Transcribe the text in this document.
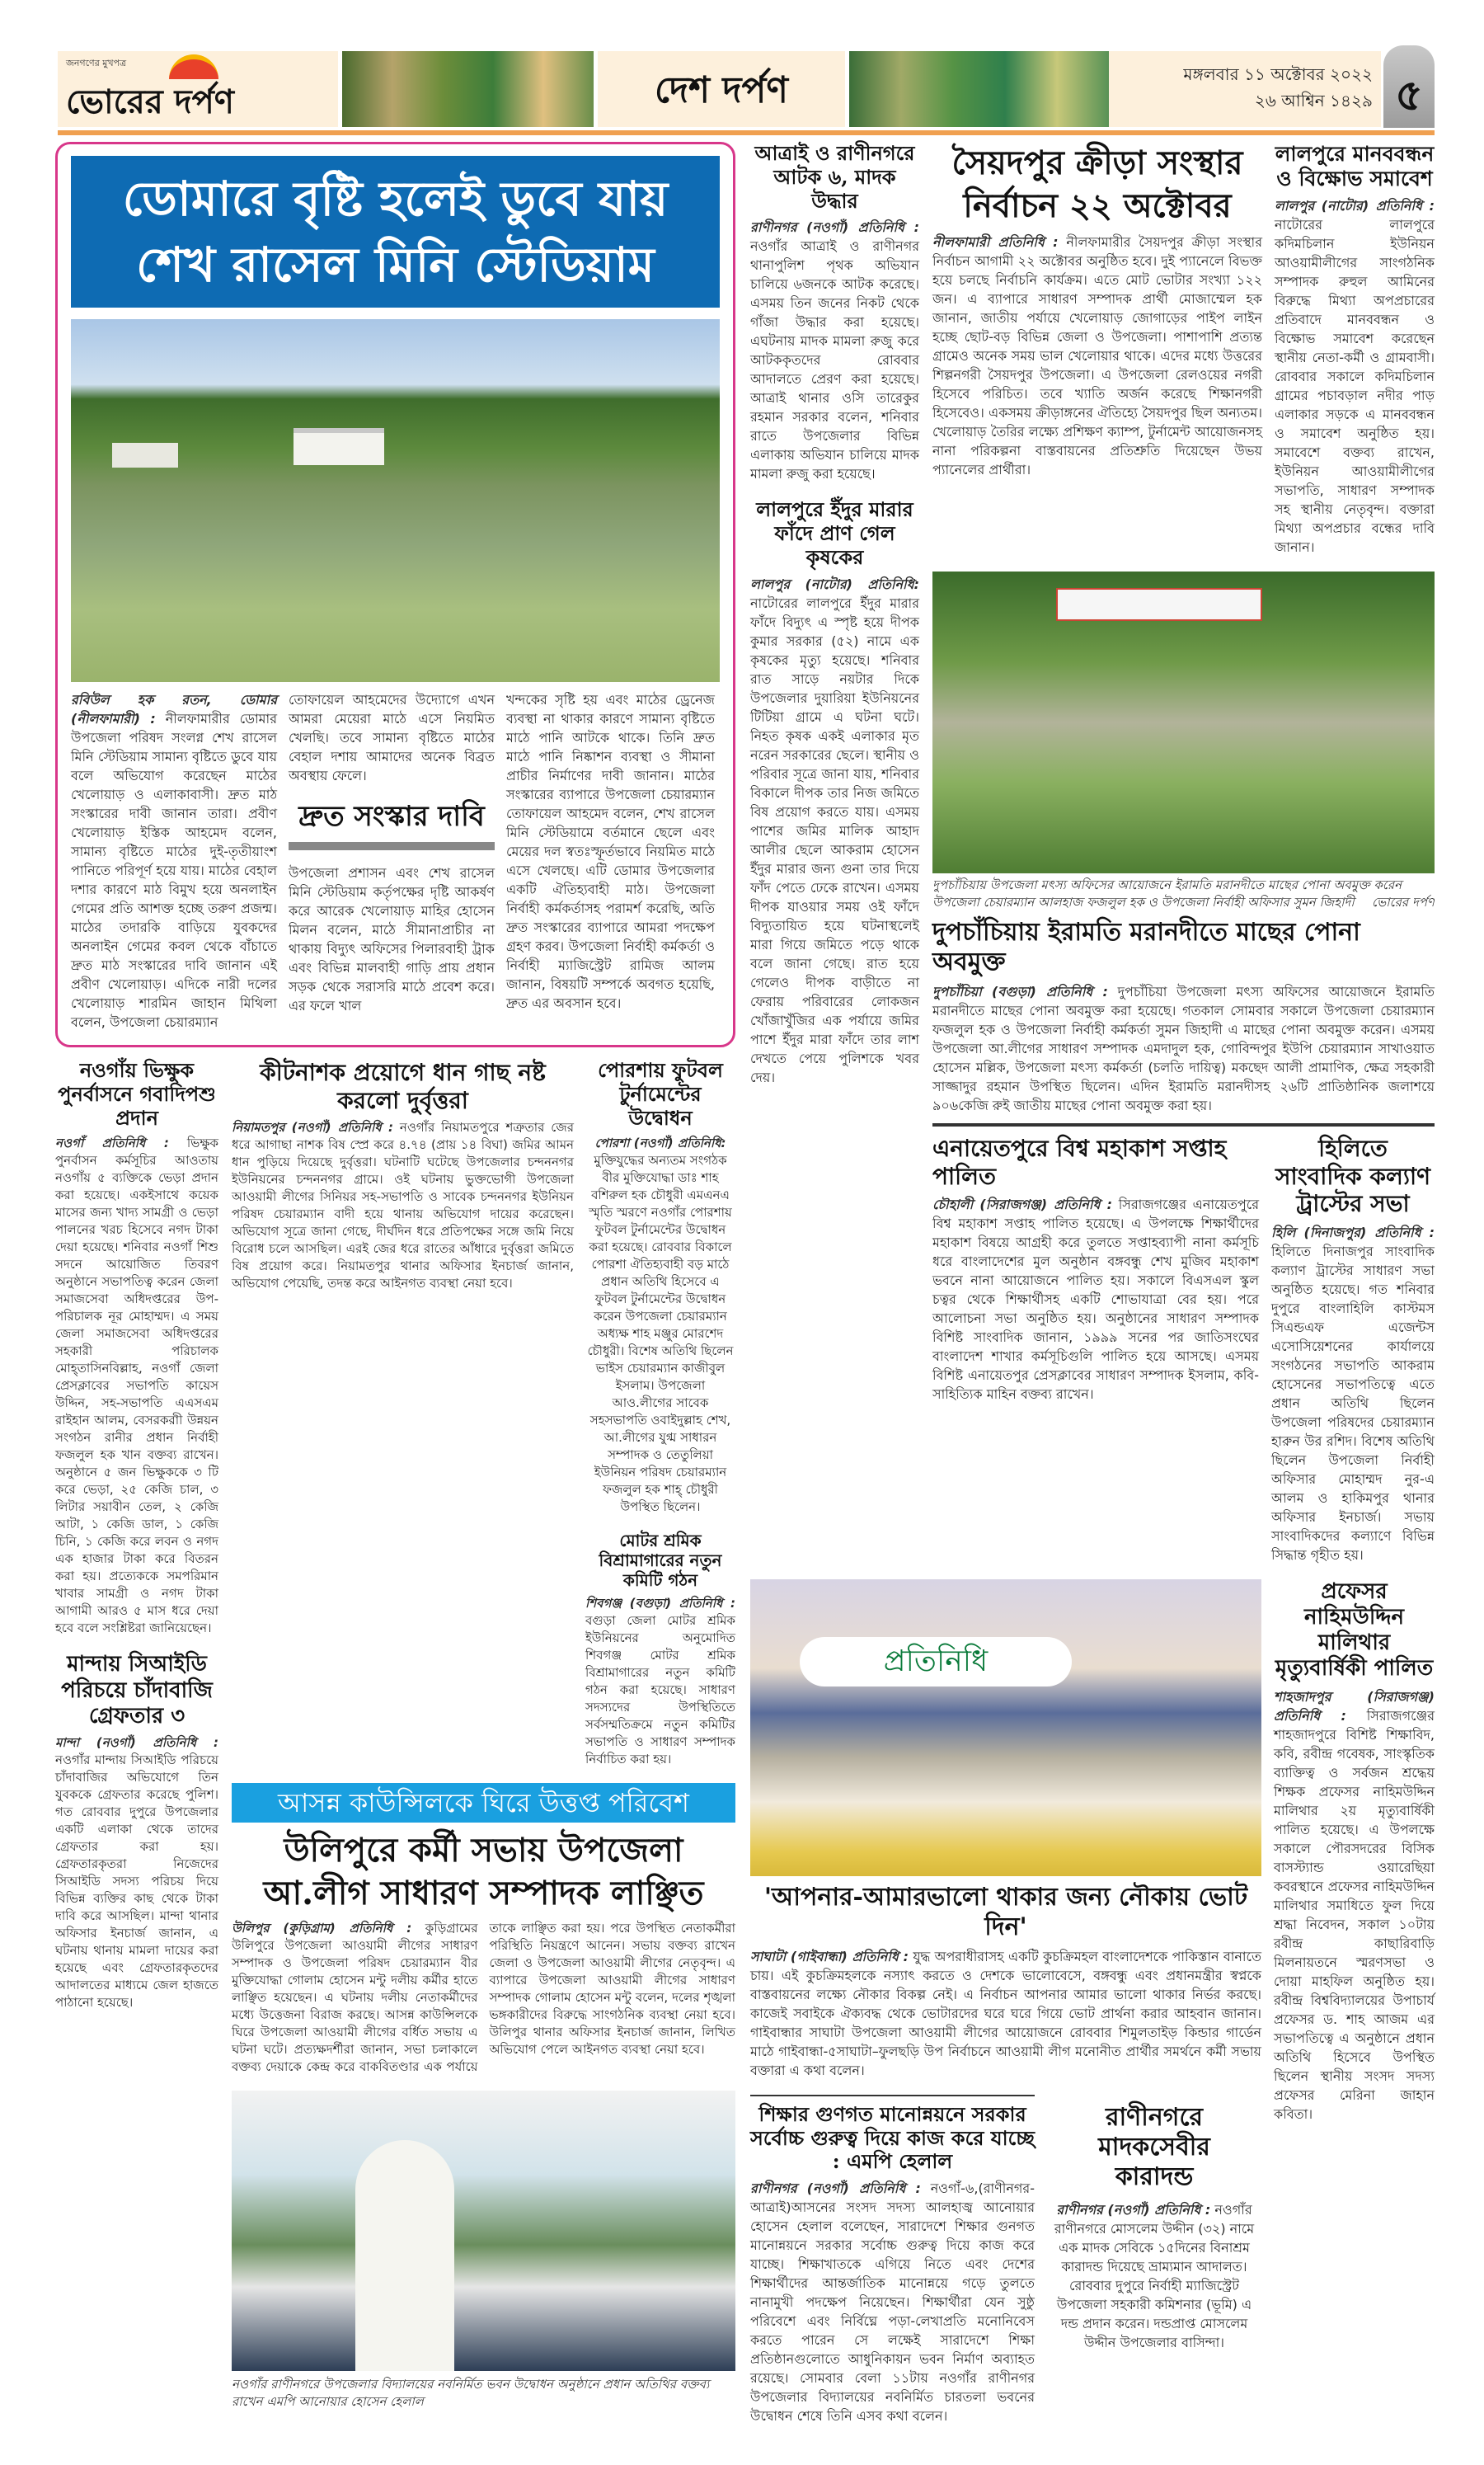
জনগণের মুখপত্র
ভোরের দর্পণ	দেশ দর্পণ	মঙ্গলবার ১১ অক্টোবর ২০২২
২৬ আশ্বিন ১৪২৯ ৫
ডোমারে বৃষ্টি হলেই ডুবে যায় শেখ রাসেল মিনি স্টেডিয়াম
রবিউল হক রতন, ডোমার (নীলফামারী) : নীলফামারীর ডোমার উপজেলা পরিষদ সংলগ্ন শেখ রাসেল মিনি স্টেডিয়াম সামান্য বৃষ্টিতে ডুবে যায় বলে অভিযোগ করেছেন মাঠের খেলোয়াড় ও এলাকাবাসী। দ্রুত মাঠ সংস্কারের দাবী জানান তারা। প্রবীণ খেলোয়াড় ইস্তিক আহমেদ বলেন, সামান্য বৃষ্টিতে মাঠের দুই-তৃতীয়াংশ পানিতে পরিপূর্ণ হয়ে যায়। মাঠের বেহাল দশার কারণে মাঠ বিমুখ হয়ে অনলাইন গেমের প্রতি আশক্ত হচ্ছে তরুণ প্রজন্ম। মাঠের তদারকি বাড়িয়ে যুবকদের অনলাইন গেমের কবল থেকে বাঁচাতে দ্রুত মাঠ সংস্কারের দাবি জানান এই প্রবীণ খেলোয়াড়। এদিকে নারী দলের খেলোয়াড় শারমিন জাহান মিথিলা বলেন, উপজেলা চেয়ারম্যান
তোফায়েল আহমেদের উদ্যোগে এখন আমরা মেয়েরা মাঠে এসে নিয়মিত খেলছি। তবে সামান্য বৃষ্টিতে মাঠের বেহাল দশায় আমাদের অনেক বিব্রত অবস্থায় ফেলে।
দ্রুত সংস্কার দাবি
উপজেলা প্রশাসন এবং শেখ রাসেল মিনি স্টেডিয়াম কর্তৃপক্ষের দৃষ্টি আকর্ষণ করে আরেক খেলোয়াড় মাহির হোসেন মিলন বলেন, মাঠে সীমানাপ্রাচীর না থাকায় বিদ্যুৎ অফিসের পিলারবাহী ট্রাক এবং বিভিন্ন মালবাহী গাড়ি প্রায় প্রধান সড়ক থেকে সরাসরি মাঠে প্রবেশ করে। এর ফলে খাল
খন্দকের সৃষ্টি হয় এবং মাঠের ড্রেনেজ ব্যবস্থা না থাকার কারণে সামান্য বৃষ্টিতে মাঠে পানি আটকে থাকে। তিনি দ্রুত মাঠে পানি নিষ্কাশন ব্যবস্থা ও সীমানা প্রাচীর নির্মাণের দাবী জানান। মাঠের সংস্কারের ব্যাপারে উপজেলা চেয়ারম্যান তোফায়েল আহমেদ বলেন, শেখ রাসেল মিনি স্টেডিয়ামে বর্তমানে ছেলে এবং মেয়ের দল স্বতঃস্ফূর্তভাবে নিয়মিত মাঠে এসে খেলছে। এটি ডোমার উপজেলার একটি ঐতিহ্যবাহী মাঠ। উপজেলা নির্বাহী কর্মকর্তাসহ পরামর্শ করেছি, অতি দ্রুত সংস্কারের ব্যাপারে আমরা পদক্ষেপ গ্রহণ করব। উপজেলা নির্বাহী কর্মকর্তা ও নির্বাহী ম্যাজিস্ট্রেট রামিজ আলম জানান, বিষয়টি সম্পর্কে অবগত হয়েছি, দ্রুত এর অবসান হবে।
নওগাঁয় ভিক্ষুক পুনর্বাসনে গবাদিপশু প্রদান
নওগাঁ প্রতিনিধি : ভিক্ষুক পুনর্বাসন কর্মসূচির আওতায় নওগাঁয় ৫ ব্যক্তিকে ভেড়া প্রদান করা হয়েছে। একইসাথে কয়েক মাসের জন্য খাদ্য সামগ্রী ও ভেড়া পালনের খরচ হিসেবে নগদ টাকা দেয়া হয়েছে। শনিবার নওগাঁ শিশু সদনে আয়োজিত তিবরণ অনুষ্ঠানে সভাপতিত্ব করেন জেলা সমাজসেবা অধিদপ্তরের উপ-পরিচালক নূর মোহাম্মদ। এ সময় জেলা সমাজসেবা অধিদপ্তরের সহকারী পরিচালক মোহ্তাসিনবিল্লাহ, নওগাঁ জেলা প্রেসক্লাবের সভাপতি কায়েস উদ্দিন, সহ-সভাপতি এএসএম রাইহান আলম, বেসরকরাী উন্নয়ন সংগঠন রানীর প্রধান নির্বাহী ফজলুল হক খান বক্তব্য রাখেন। অনুষ্ঠানে ৫ জন ভিক্ষুককে ৩ টি করে ভেড়া, ২৫ কেজি চাল, ৩ লিটার সয়াবীন তেল, ২ কেজি আটা, ১ কেজি ডাল, ১ কেজি চিনি, ১ কেজি করে লবন ও নগদ এক হাজার টাকা করে বিতরন করা হয়। প্রত্যেককে সমপরিমান খাবার সামগ্রী ও নগদ টাকা আগামী আরও ৫ মাস ধরে দেয়া হবে বলে সংশ্লিষ্টরা জানিয়েছেন।
মান্দায় সিআইডি পরিচয়ে চাঁদাবাজি গ্রেফতার ৩
মান্দা (নওগাঁ) প্রতিনিধি : নওগাঁর মান্দায় সিআইডি পরিচয়ে চাঁদাবাজির অভিযোগে তিন যুবককে গ্রেফতার করেছে পুলিশ। গত রোববার দুপুরে উপজেলার একটি এলাকা থেকে তাদের গ্রেফতার করা হয়। গ্রেফতারকৃতরা নিজেদের সিআইডি সদস্য পরিচয় দিয়ে বিভিন্ন ব্যক্তির কাছ থেকে টাকা দাবি করে আসছিল। মান্দা থানার অফিসার ইনচার্জ জানান, এ ঘটনায় থানায় মামলা দায়ের করা হয়েছে এবং গ্রেফতারকৃতদের আদালতের মাধ্যমে জেল হাজতে পাঠানো হয়েছে।
কীটনাশক প্রয়োগে ধান গাছ নষ্ট করলো দুর্বৃত্তরা
নিয়ামতপুর (নওগাঁ) প্রতিনিধি : নওগাঁর নিয়ামতপুরে শত্রুতার জের ধরে আগাছা নাশক বিষ স্প্রে করে ৪.৭৪ (প্রায় ১৪ বিঘা) জমির আমন ধান পুড়িয়ে দিয়েছে দুর্বৃত্তরা। ঘটনাটি ঘটেছে উপজেলার চন্দননগর ইউনিয়নের চন্দননগর গ্রামে। ওই ঘটনায় ভুক্তভোগী উপজেলা আওয়ামী লীগের সিনিয়র সহ-সভাপতি ও সাবেক চন্দননগর ইউনিয়ন পরিষদ চেয়ারম্যান বাদী হয়ে থানায় অভিযোগ দায়ের করেছেন। অভিযোগ সূত্রে জানা গেছে, দীর্ঘদিন ধরে প্রতিপক্ষের সঙ্গে জমি নিয়ে বিরোধ চলে আসছিল। এরই জের ধরে রাতের আঁধারে দুর্বৃত্তরা জমিতে বিষ প্রয়োগ করে। নিয়ামতপুর থানার অফিসার ইনচার্জ জানান, অভিযোগ পেয়েছি, তদন্ত করে আইনগত ব্যবস্থা নেয়া হবে।
পোরশায় ফুটবল টুর্নামেন্টের উদ্বোধন
পোরশা (নওগাঁ) প্রতিনিধি: মুক্তিযুদ্ধের অন্যতম সংগঠক বীর মুক্তিযোদ্ধা ডাঃ শাহ বশিরুল হক চৌধুরী এমএনএ স্মৃতি স্মরণে নওগাঁর পোরশায় ফুটবল টুর্নামেন্টের উদ্বোধন করা হয়েছে। রোববার বিকালে পোরশা ঐতিহ্যবাহী বড় মাঠে প্রধান অতিথি হিসেবে এ ফুটবল টুর্নামেন্টের উদ্বোধন করেন উপজেলা চেয়ারম্যান অধ্যক্ষ শাহ মঞ্জুর মোরশেদ চৌধুরী। বিশেষ অতিথি ছিলেন ভাইস চেয়ারম্যান কাজীবুল ইসলাম। উপজেলা আও.লীগের সাবেক সহসভাপতি ওবাইদুল্লাহ শেখ, আ.লীগের যুগ্ম সাধারন সম্পাদক ও তেতুলিয়া ইউনিয়ন পরিষদ চেয়ারম্যান ফজলুল হক শাহ্ চৌধুরী উপস্থিত ছিলেন।
মোটর শ্রমিক বিশ্রামাগারের নতুন কমিটি গঠন
শিবগঞ্জ (বগুড়া) প্রতিনিধি : বগুড়া জেলা মোটর শ্রমিক ইউনিয়নের অনুমোদিত শিবগঞ্জ মোটর শ্রমিক বিশ্রামাগারের নতুন কমিটি গঠন করা হয়েছে। সাধারণ সদস্যদের উপস্থিতিতে সর্বসম্মতিক্রমে নতুন কমিটির সভাপতি ও সাধারণ সম্পাদক নির্বাচিত করা হয়।
আসন্ন কাউন্সিলকে ঘিরে উত্তপ্ত পরিবেশ
উলিপুরে কর্মী সভায় উপজেলা আ.লীগ সাধারণ সম্পাদক লাঞ্ছিত
উলিপুর (কুড়িগ্রাম) প্রতিনিধি : কুড়িগ্রামের উলিপুরে উপজেলা আওয়ামী লীগের সাধারণ সম্পাদক ও উপজেলা পরিষদ চেয়ারম্যান বীর মুক্তিযোদ্ধা গোলাম হোসেন মন্টু দলীয় কর্মীর হাতে লাঞ্ছিত হয়েছেন। এ ঘটনায় দলীয় নেতাকর্মীদের মধ্যে উত্তেজনা বিরাজ করছে। আসন্ন কাউন্সিলকে ঘিরে উপজেলা আওয়ামী লীগের বর্ধিত সভায় এ ঘটনা ঘটে। প্রত্যক্ষদর্শীরা জানান, সভা চলাকালে বক্তব্য দেয়াকে কেন্দ্র করে বাকবিতণ্ডার এক পর্যায়ে তাকে লাঞ্ছিত করা হয়। পরে উপস্থিত নেতাকর্মীরা পরিস্থিতি নিয়ন্ত্রণে আনেন। সভায় বক্তব্য রাখেন জেলা ও উপজেলা আওয়ামী লীগের নেতৃবৃন্দ। এ ব্যাপারে উপজেলা আওয়ামী লীগের সাধারণ সম্পাদক গোলাম হোসেন মন্টু বলেন, দলের শৃঙ্খলা ভঙ্গকারীদের বিরুদ্ধে সাংগঠনিক ব্যবস্থা নেয়া হবে। উলিপুর থানার অফিসার ইনচার্জ জানান, লিখিত অভিযোগ পেলে আইনগত ব্যবস্থা নেয়া হবে।
নওগাঁর রাণীনগরে উপজেলার বিদ্যালয়ের নবনির্মিত ভবন উদ্বোধন অনুষ্ঠানে প্রধান অতিথির বক্তব্য রাখেন এমপি আনোয়ার হোসেন হেলাল
আত্রাই ও রাণীনগরে আটক ৬, মাদক উদ্ধার
রাণীনগর (নওগাঁ) প্রতিনিধি : নওগাঁর আত্রাই ও রাণীনগর থানাপুলিশ পৃথক অভিযান চালিয়ে ৬জনকে আটক করেছে। এসময় তিন জনের নিকট থেকে গাঁজা উদ্ধার করা হয়েছে। এঘটনায় মাদক মামলা রুজু করে আটককৃতদের রোববার আদালতে প্রেরণ করা হয়েছে। আত্রাই থানার ওসি তারেকুর রহমান সরকার বলেন, শনিবার রাতে উপজেলার বিভিন্ন এলাকায় অভিযান চালিয়ে মাদক মামলা রুজু করা হয়েছে।
লালপুরে ইঁদুর মারার ফাঁদে প্রাণ গেল কৃষকের
লালপুর (নাটোর) প্রতিনিধি: নাটোরের লালপুরে ইঁদুর মারার ফাঁদে বিদ্যুৎ এ স্পৃষ্ট হয়ে দীপক কুমার সরকার (৫২) নামে এক কৃষকের মৃত্যু হয়েছে। শনিবার রাত সাড়ে নয়টার দিকে উপজেলার দুয়ারিয়া ইউনিয়নের টিটিয়া গ্রামে এ ঘটনা ঘটে। নিহত কৃষক একই এলাকার মৃত নরেন সরকারের ছেলে। স্থানীয় ও পরিবার সূত্রে জানা যায়, শনিবার বিকালে দীপক তার নিজ জমিতে বিষ প্রয়োগ করতে যায়। এসময় পাশের জমির মালিক আহাদ আলীর ছেলে আকরাম হোসেন ইঁদুর মারার জন্য গুনা তার দিয়ে ফাঁদ পেতে ঢেকে রাখেন। এসময় দীপক যাওয়ার সময় ওই ফাঁদে বিদ্যুতায়িত হয়ে ঘটনাস্থলেই মারা গিয়ে জমিতে পড়ে থাকে বলে জানা গেছে। রাত হয়ে গেলেও দীপক বাড়ীতে না ফেরায় পরিবারের লোকজন খোঁজাখুঁজির এক পর্যায়ে জমির পাশে ইঁদুর মারা ফাঁদে তার লাশ দেখতে পেয়ে পুলিশকে খবর দেয়।
সৈয়দপুর ক্রীড়া সংস্থার নির্বাচন ২২ অক্টোবর
নীলফামারী প্রতিনিধি : নীলফামারীর সৈয়দপুর ক্রীড়া সংস্থার নির্বাচন আগামী ২২ অক্টোবর অনুষ্ঠিত হবে। দুই প্যানেলে বিভক্ত হয়ে চলছে নির্বাচনি কার্যক্রম। এতে মোট ভোটার সংখ্যা ১২২ জন। এ ব্যাপারে সাধারণ সম্পাদক প্রার্থী মোজাম্মেল হক জানান, জাতীয় পর্যায়ে খেলোয়াড় জোগাড়ের পাইপ লাইন হচ্ছে ছোট-বড় বিভিন্ন জেলা ও উপজেলা। পাশাপাশি প্রত্যন্ত গ্রামেও অনেক সময় ভাল খেলোয়ার থাকে। এদের মধ্যে উত্তরের শিল্পনগরী সৈয়দপুর উপজেলা। এ উপজেলা রেলওয়ের নগরী হিসেবে পরিচিত। তবে খ্যাতি অর্জন করেছে শিক্ষানগরী হিসেবেও। একসময় ক্রীড়াঙ্গনের ঐতিহ্যে সৈয়দপুর ছিল অন্যতম। খেলোয়াড় তৈরির লক্ষ্যে প্রশিক্ষণ ক্যাম্প, টুর্নামেন্ট আয়োজনসহ নানা পরিকল্পনা বাস্তবায়নের প্রতিশ্রুতি দিয়েছেন উভয় প্যানেলের প্রার্থীরা।
লালপুরে মানববন্ধন ও বিক্ষোভ সমাবেশ
লালপুর (নাটোর) প্রতিনিধি : নাটোরের লালপুরে কদিমচিলান ইউনিয়ন আওয়ামীলীগের সাংগঠনিক সম্পাদক রুহুল আমিনের বিরুদ্ধে মিথ্যা অপপ্রচারের প্রতিবাদে মানববন্ধন ও বিক্ষোভ সমাবেশ করেছেন স্থানীয় নেতা-কর্মী ও গ্রামবাসী। রোববার সকালে কদিমচিলান গ্রামের পচাবড়াল নদীর পাড় এলাকার সড়কে এ মানববন্ধন ও সমাবেশ অনুষ্ঠিত হয়। সমাবেশে বক্তব্য রাখেন, ইউনিয়ন আওয়ামীলীগের সভাপতি, সাধারণ সম্পাদক সহ স্থানীয় নেতৃবৃন্দ। বক্তারা মিথ্যা অপপ্রচার বন্ধের দাবি জানান।
দুপচাঁচিয়ায় উপজেলা মৎস্য অফিসের আয়োজনে ইরামতি মরানদীতে মাছের পোনা অবমুক্ত করেন উপজেলা চেয়ারম্যান আলহাজ ফজলুল হক ও উপজেলা নির্বাহী অফিসার সুমন জিহাদী ভোরের দর্পণ
দুপচাঁচিয়ায় ইরামতি মরানদীতে মাছের পোনা অবমুক্ত
দুপচাঁচিয়া (বগুড়া) প্রতিনিধি : দুপচাঁচিয়া উপজেলা মৎস্য অফিসের আয়োজনে ইরামতি মরানদীতে মাছের পোনা অবমুক্ত করা হয়েছে। গতকাল সোমবার সকালে উপজেলা চেয়ারম্যান ফজলুল হক ও উপজেলা নির্বাহী কর্মকর্তা সুমন জিহাদী এ মাছের পোনা অবমুক্ত করেন। এসময় উপজেলা আ.লীগের সাধারণ সম্পাদক এমদাদুল হক, গোবিন্দপুর ইউপি চেয়ারম্যান সাখাওয়াত হোসেন মল্লিক, উপজেলা মৎস্য কর্মকর্তা (চলতি দায়িত্ব) মকছেদ আলী প্রামাণিক, ক্ষেত্র সহকারী সাজ্জাদুর রহমান উপস্থিত ছিলেন। এদিন ইরামতি মরানদীসহ ২৬টি প্রাতিষ্ঠানিক জলাশয়ে ৯০৬কেজি রুই জাতীয় মাছের পোনা অবমুক্ত করা হয়।
এনায়েতপুরে বিশ্ব মহাকাশ সপ্তাহ পালিত
চৌহালী (সিরাজগঞ্জ) প্রতিনিধি : সিরাজগঞ্জের এনায়েতপুরে বিশ্ব মহাকাশ সপ্তাহ পালিত হয়েছে। এ উপলক্ষে শিক্ষার্থীদের মহাকাশ বিষয়ে আগ্রহী করে তুলতে সপ্তাহব্যাপী নানা কর্মসূচি ধরে বাংলাদেশের মুল অনুষ্ঠান বঙ্গবন্ধু শেখ মুজিব মহাকাশ ভবনে নানা আয়োজনে পালিত হয়। সকালে বিএসএল স্কুল চত্বর থেকে শিক্ষার্থীসহ একটি শোভাযাত্রা বের হয়। পরে আলোচনা সভা অনুষ্ঠিত হয়। অনুষ্ঠানের সাধারণ সম্পাদক বিশিষ্ট সাংবাদিক জানান, ১৯৯৯ সনের পর জাতিসংঘের বাংলাদেশ শাখার কর্মসূচিগুলি পালিত হয়ে আসছে। এসময় বিশিষ্ট এনায়েতপুর প্রেসক্লাবের সাধারণ সম্পাদক ইসলাম, কবি-সাহিত্যিক মাহিন বক্তব্য রাখেন।
হিলিতে সাংবাদিক কল্যাণ ট্রাস্টের সভা
হিলি (দিনাজপুর) প্রতিনিধি : হিলিতে দিনাজপুর সাংবাদিক কল্যাণ ট্রাস্টের সাধারণ সভা অনুষ্ঠিত হয়েছে। গত শনিবার দুপুরে বাংলাহিলি কাস্টমস সিএন্ডএফ এজেন্টস এসোসিয়েশনের কার্যালয়ে সংগঠনের সভাপতি আকরাম হোসেনের সভাপতিত্বে এতে প্রধান অতিথি ছিলেন উপজেলা পরিষদের চেয়ারম্যান হারুন উর রশিদ। বিশেষ অতিথি ছিলেন উপজেলা নির্বাহী অফিসার মোহাম্মদ নুর-এ আলম ও হাকিমপুর থানার অফিসার ইনচার্জ। সভায় সাংবাদিকদের কল্যাণে বিভিন্ন সিদ্ধান্ত গৃহীত হয়।
প্রতিনিধি
'আপনার-আমারভালো থাকার জন্য নৌকায় ভোট দিন'
সাঘাটা (গাইবান্ধা) প্রতিনিধি : যুদ্ধ অপরাধীরাসহ একটি কুচক্রিমহল বাংলাদেশকে পাকিস্তান বানাতে চায়। এই কুচক্রিমহলকে নস্যাৎ করতে ও দেশকে ভালোবেসে, বঙ্গবন্ধু এবং প্রধানমন্ত্রীর স্বপ্নকে বাস্তবায়নের লক্ষ্যে নৌকার বিকল্প নেই। এ নির্বাচন আপনার আমার ভালো থাকার নির্ভর করছে। কাজেই সবাইকে ঐক্যবদ্ধ থেকে ভোটারদের ঘরে ঘরে গিয়ে ভোট প্রার্থনা করার আহবান জানান। গাইবান্ধার সাঘাটা উপজেলা আওয়ামী লীগের আয়োজনে রোববার শিমুলতাইড় কিন্ডার গার্ডেন মাঠে গাইবান্ধা-৫সাঘাটা–ফুলছড়ি উপ নির্বাচনে আওয়ামী লীগ মনোনীত প্রার্থীর সমর্থনে কর্মী সভায় বক্তারা এ কথা বলেন।
শিক্ষার গুণগত মানোন্নয়নে সরকার সর্বোচ্চ গুরুত্ব দিয়ে কাজ করে যাচ্ছে : এমপি হেলাল
রাণীনগর (নওগাঁ) প্রতিনিধি : নওগাঁ-৬,(রাণীনগর-আত্রাই)আসনের সংসদ সদস্য আলহাজ্ব আনোয়ার হোসেন হেলাল বলেছেন, সারাদেশে শিক্ষার গুনগত মানোন্নয়নে সরকার সর্বোচ্চ গুরুত্ব দিয়ে কাজ করে যাচ্ছে। শিক্ষাখাতকে এগিয়ে নিতে এবং দেশের শিক্ষার্থীদের আন্তর্জাতিক মানোন্নয়ে গড়ে তুলতে নানামুখী পদক্ষেপ নিয়েছেন। শিক্ষার্থীরা যেন সুষ্ঠু পরিবেশে এবং নির্বিঘ্নে পড়া-লেখাপ্রতি মনোনিবেস করতে পারেন সে লক্ষেই সারাদেশে শিক্ষা প্রতিষ্ঠানগুলোতে আধুনিকায়ন ভবন নির্মাণ অব্যাহত রয়েছে। সোমবার বেলা ১১টায় নওগাঁর রাণীনগর উপজেলার বিদ্যালয়ের নবনির্মিত চারতলা ভবনের উদ্বোধন শেষে তিনি এসব কথা বলেন।
রাণীনগরে মাদকসেবীর কারাদন্ড
রাণীনগর (নওগাঁ) প্রতিনিধি : নওগাঁর রাণীনগরে মোসলেম উদ্দীন (৩২) নামে এক মাদক সেবিকে ১৫দিনের বিনাশ্রম কারাদন্ড দিয়েছে ভ্রাম্যমান আদালত। রোববার দুপুরে নির্বাহী ম্যাজিস্ট্রেট উপজেলা সহকারী কমিশনার (ভূমি) এ দন্ড প্রদান করেন। দন্ডপ্রাপ্ত মোসলেম উদ্দীন উপজেলার বাসিন্দা।
প্রফেসর নাহিমউদ্দিন মালিথার মৃত্যুবার্ষিকী পালিত
শাহজাদপুর (সিরাজগঞ্জ) প্রতিনিধি : সিরাজগঞ্জের শাহজাদপুরে বিশিষ্ট শিক্ষাবিদ, কবি, রবীন্দ্র গবেষক, সাংস্কৃতিক ব্যাক্তিত্ব ও সর্বজন শ্রদ্ধেয় শিক্ষক প্রফেসর নাহিমউদ্দিন মালিথার ২য় মৃত্যুবার্ষিকী পালিত হয়েছে। এ উপলক্ষে সকালে পৌরসদরের বিসিক বাসস্ট্যান্ড ওয়ারেছিয়া কবরস্থানে প্রফেসর নাহিমউদ্দিন মালিথার সমাধিতে ফুল দিয়ে শ্রদ্ধা নিবেদন, সকাল ১০টায় রবীন্দ্র কাছারিবাড়ি মিলনায়তনে স্মরণসভা ও দোয়া মাহফিল অনুষ্ঠিত হয়। রবীন্দ্র বিশ্ববিদ্যালয়ের উপাচার্য প্রফেসর ড. শাহ আজম এর সভাপতিত্বে এ অনুষ্ঠানে প্রধান অতিথি হিসেবে উপস্থিত ছিলেন স্থানীয় সংসদ সদস্য প্রফেসর মেরিনা জাহান কবিতা।
